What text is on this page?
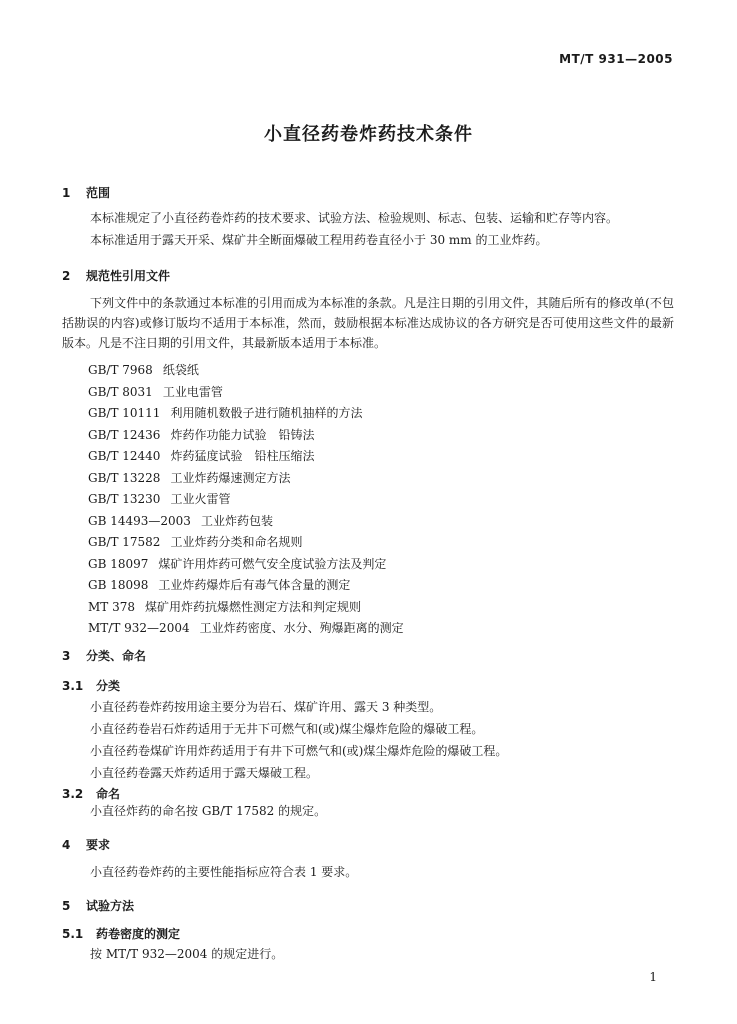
MT/T 931—2005
小直径药卷炸药技术条件
1 范围
本标准规定了小直径药卷炸药的技术要求、试验方法、检验规则、标志、包装、运输和贮存等内容。
本标准适用于露天开采、煤矿井全断面爆破工程用药卷直径小于 30 mm 的工业炸药。
2 规范性引用文件
下列文件中的条款通过本标准的引用而成为本标准的条款。凡是注日期的引用文件，其随后所有的修改单(不包括勘误的内容)或修订版均不适用于本标准，然而，鼓励根据本标准达成协议的各方研究是否可使用这些文件的最新版本。凡是不注日期的引用文件，其最新版本适用于本标准。
GB/T 7968 纸袋纸
GB/T 8031 工业电雷管
GB/T 10111 利用随机数骰子进行随机抽样的方法
GB/T 12436 炸药作功能力试验　铅铸法
GB/T 12440 炸药猛度试验　铅柱压缩法
GB/T 13228 工业炸药爆速测定方法
GB/T 13230 工业火雷管
GB 14493—2003 工业炸药包装
GB/T 17582 工业炸药分类和命名规则
GB 18097 煤矿许用炸药可燃气安全度试验方法及判定
GB 18098 工业炸药爆炸后有毒气体含量的测定
MT 378 煤矿用炸药抗爆燃性测定方法和判定规则
MT/T 932—2004 工业炸药密度、水分、殉爆距离的测定
3 分类、命名
3.1 分类
小直径药卷炸药按用途主要分为岩石、煤矿许用、露天 3 种类型。
小直径药卷岩石炸药适用于无井下可燃气和(或)煤尘爆炸危险的爆破工程。
小直径药卷煤矿许用炸药适用于有井下可燃气和(或)煤尘爆炸危险的爆破工程。
小直径药卷露天炸药适用于露天爆破工程。
3.2 命名
小直径炸药的命名按 GB/T 17582 的规定。
4 要求
小直径药卷炸药的主要性能指标应符合表 1 要求。
5 试验方法
5.1 药卷密度的测定
按 MT/T 932—2004 的规定进行。
1
